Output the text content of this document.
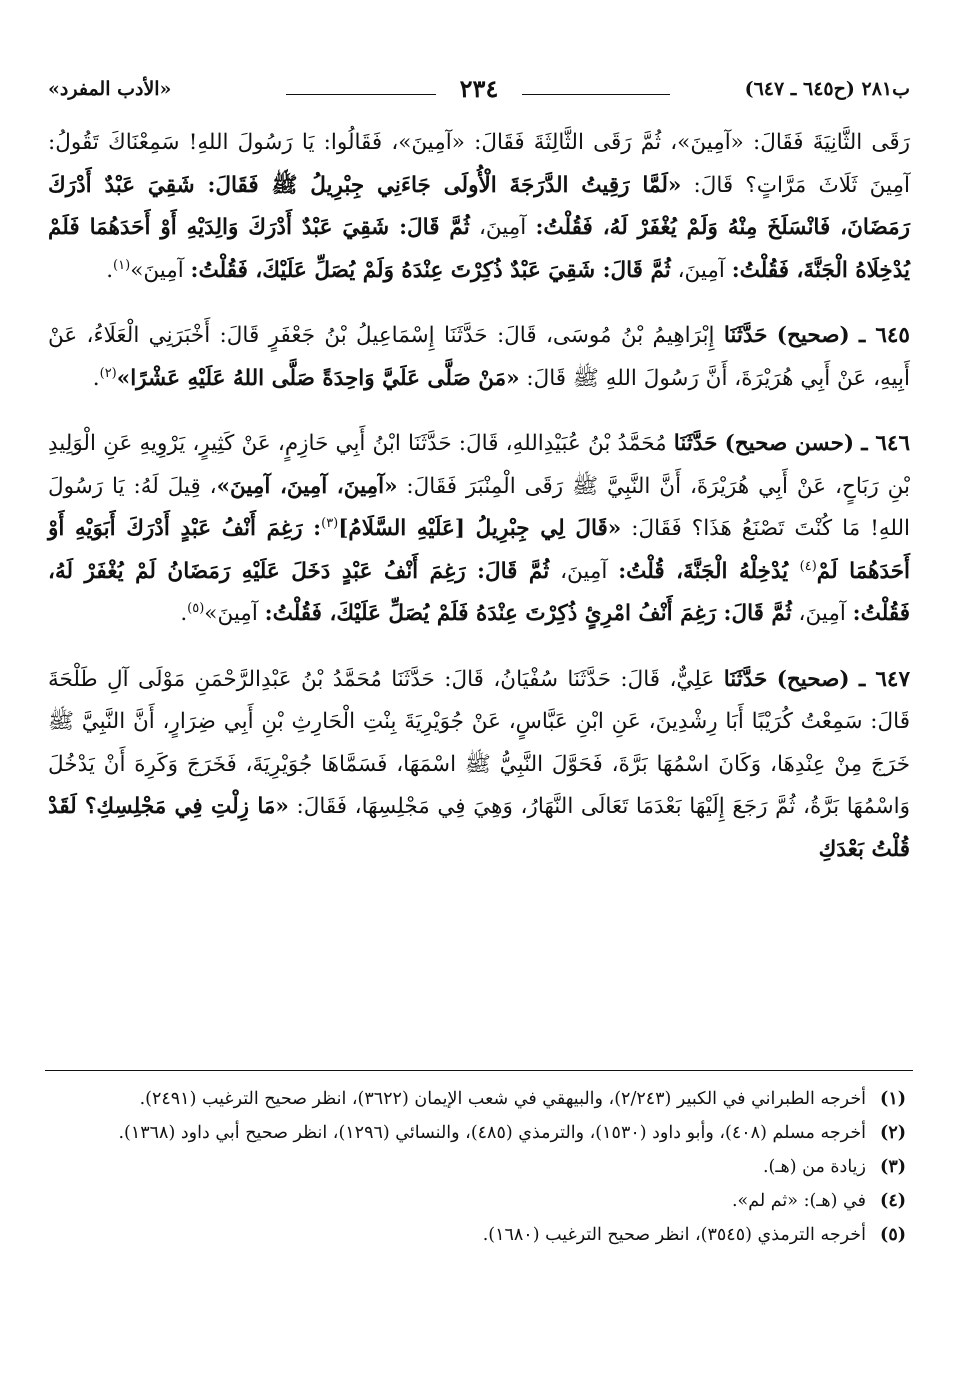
ب٢٨١ (ح٦٤٥ ـ ٦٤٧)
٢٣٤
«الأدب المفرد»

رَقَى الثَّانِيَةَ فَقَالَ: «آمِينَ»، ثُمَّ رَقَى الثَّالِثَةَ فَقَالَ: «آمِينَ»، فَقَالُوا: يَا رَسُولَ اللهِ! سَمِعْنَاكَ تَقُولُ: آمِينَ ثَلَاثَ مَرَّاتٍ؟ قَالَ: «لَمَّا رَقِيتُ الدَّرَجَةَ الْأُولَى جَاءَنِي جِبْرِيلُ ﷺ فَقَالَ: شَقِيَ عَبْدٌ أَدْرَكَ رَمَضَانَ، فَانْسَلَخَ مِنْهُ وَلَمْ يُغْفَرْ لَهُ، فَقُلْتُ: آمِينَ، ثُمَّ قَالَ: شَقِيَ عَبْدٌ أَدْرَكَ وَالِدَيْهِ أَوْ أَحَدَهُمَا فَلَمْ يُدْخِلَاهُ الْجَنَّةَ، فَقُلْتُ: آمِينَ، ثُمَّ قَالَ: شَقِيَ عَبْدٌ ذُكِرْتَ عِنْدَهُ وَلَمْ يُصَلِّ عَلَيْكَ، فَقُلْتُ: آمِينَ»$^{(١)}$.

٦٤٥ ـ (صحيح) حَدَّثَنَا إِبْرَاهِيمُ بْنُ مُوسَى، قَالَ: حَدَّثَنَا إِسْمَاعِيلُ بْنُ جَعْفَرٍ قَالَ: أَخْبَرَنِي الْعَلَاءُ، عَنْ أَبِيهِ، عَنْ أَبِي هُرَيْرَةَ، أَنَّ رَسُولَ اللهِ ﷺ قَالَ: «مَنْ صَلَّى عَلَيَّ وَاحِدَةً صَلَّى اللهُ عَلَيْهِ عَشْرًا»$^{(٢)}$.

٦٤٦ ـ (حسن صحيح) حَدَّثَنَا مُحَمَّدُ بْنُ عُبَيْدِاللهِ، قَالَ: حَدَّثَنَا ابْنُ أَبِي حَازِمٍ، عَنْ كَثِيرٍ، يَرْوِيهِ عَنِ الْوَلِيدِ بْنِ رَبَاحٍ، عَنْ أَبِي هُرَيْرَةَ، أَنَّ النَّبِيَّ ﷺ رَقَى الْمِنْبَرَ فَقَالَ: «آمِينَ، آمِينَ، آمِينَ»، قِيلَ لَهُ: يَا رَسُولَ اللهِ! مَا كُنْتَ تَصْنَعُ هَذَا؟ فَقَالَ: «قَالَ لِي جِبْرِيلُ [عَلَيْهِ السَّلَامُ]$^{(٣)}$: رَغِمَ أَنْفُ عَبْدٍ أَدْرَكَ أَبَوَيْهِ أَوْ أَحَدَهُمَا لَمْ$^{(٤)}$ يُدْخِلْهُ الْجَنَّةَ، قُلْتُ: آمِينَ، ثُمَّ قَالَ: رَغِمَ أَنْفُ عَبْدٍ دَخَلَ عَلَيْهِ رَمَضَانُ لَمْ يُغْفَرْ لَهُ، فَقُلْتُ: آمِينَ، ثُمَّ قَالَ: رَغِمَ أَنْفُ امْرِئٍ ذُكِرْتَ عِنْدَهُ فَلَمْ يُصَلِّ عَلَيْكَ، فَقُلْتُ: آمِينَ»$^{(٥)}$.

٦٤٧ ـ (صحيح) حَدَّثَنَا عَلِيٌّ، قَالَ: حَدَّثَنَا سُفْيَانُ، قَالَ: حَدَّثَنَا مُحَمَّدُ بْنُ عَبْدِالرَّحْمَنِ مَوْلَى آلِ طَلْحَةَ قَالَ: سَمِعْتُ كُرَيْبًا أَبَا رِشْدِينَ، عَنِ ابْنِ عَبَّاسٍ، عَنْ جُوَيْرِيَةَ بِنْتِ الْحَارِثِ بْنِ أَبِي ضِرَارٍ، أَنَّ النَّبِيَّ ﷺ خَرَجَ مِنْ عِنْدِهَا، وَكَانَ اسْمُهَا بَرَّةَ، فَحَوَّلَ النَّبِيُّ ﷺ اسْمَهَا، فَسَمَّاهَا جُوَيْرِيَةَ، فَخَرَجَ وَكَرِهَ أَنْ يَدْخُلَ وَاسْمُهَا بَرَّةُ، ثُمَّ رَجَعَ إِلَيْهَا بَعْدَمَا تَعَالَى النَّهَارُ، وَهِيَ فِي مَجْلِسِهَا، فَقَالَ: «مَا زِلْتِ فِي مَجْلِسِكِ؟ لَقَدْ قُلْتُ بَعْدَكِ

(١)
أخرجه الطبراني في الكبير (٢/٢٤٣)، والبيهقي في شعب الإيمان (٣٦٢٢)، انظر صحيح الترغيب (٢٤٩١).
(٢)
أخرجه مسلم (٤٠٨)، وأبو داود (١٥٣٠)، والترمذي (٤٨٥)، والنسائي (١٢٩٦)، انظر صحيح أبي داود (١٣٦٨).
(٣)
زيادة من (هـ).
(٤)
في (هـ): «ثم لم».
(٥)
أخرجه الترمذي (٣٥٤٥)، انظر صحيح الترغيب (١٦٨٠).
